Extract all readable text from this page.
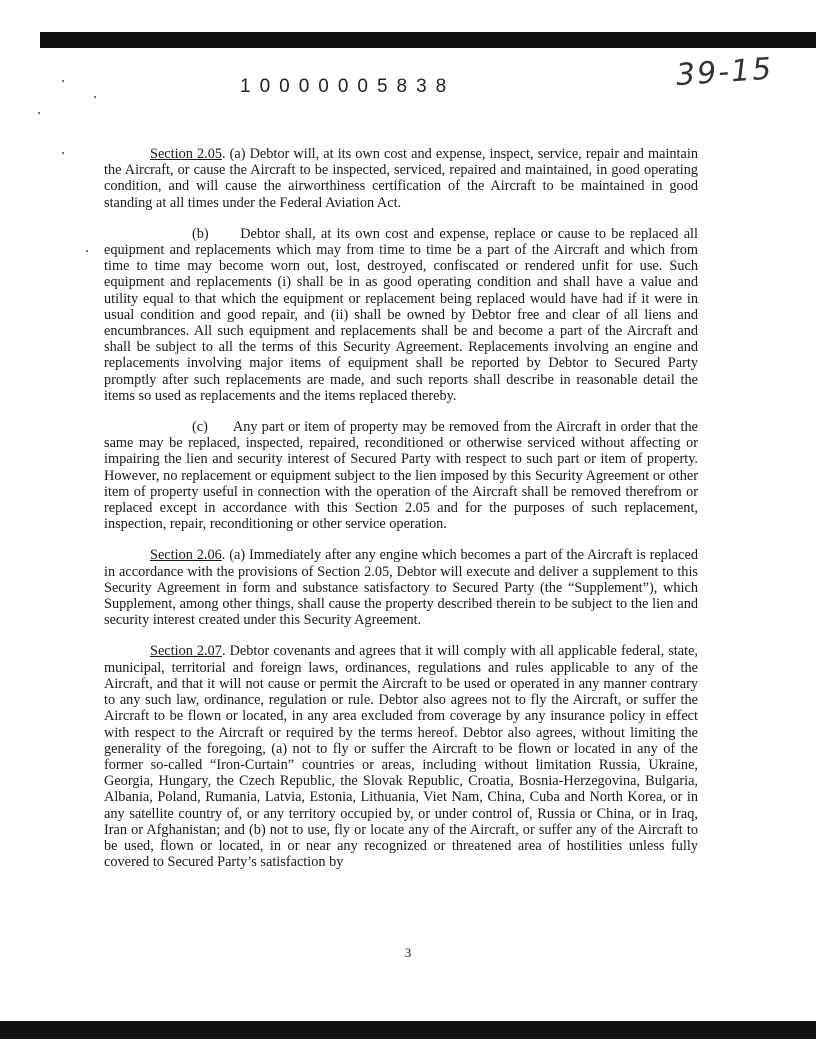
10000005838	39-15

Section 2.05. (a) Debtor will, at its own cost and expense, inspect, service, repair and maintain the Aircraft, or cause the Aircraft to be inspected, serviced, repaired and maintained, in good operating condition, and will cause the airworthiness certification of the Aircraft to be maintained in good standing at all times under the Federal Aviation Act.

(b)      Debtor shall, at its own cost and expense, replace or cause to be replaced all equipment and replacements which may from time to time be a part of the Aircraft and which from time to time may become worn out, lost, destroyed, confiscated or rendered unfit for use. Such equipment and replacements (i) shall be in as good operating condition and shall have a value and utility equal to that which the equipment or replacement being replaced would have had if it were in usual condition and good repair, and (ii) shall be owned by Debtor free and clear of all liens and encumbrances. All such equipment and replacements shall be and become a part of the Aircraft and shall be subject to all the terms of this Security Agreement. Replacements involving an engine and replacements involving major items of equipment shall be reported by Debtor to Secured Party promptly after such replacements are made, and such reports shall describe in reasonable detail the items so used as replacements and the items replaced thereby.

(c)      Any part or item of property may be removed from the Aircraft in order that the same may be replaced, inspected, repaired, reconditioned or otherwise serviced without affecting or impairing the lien and security interest of Secured Party with respect to such part or item of property. However, no replacement or equipment subject to the lien imposed by this Security Agreement or other item of property useful in connection with the operation of the Aircraft shall be removed therefrom or replaced except in accordance with this Section 2.05 and for the purposes of such replacement, inspection, repair, reconditioning or other service operation.

Section 2.06. (a) Immediately after any engine which becomes a part of the Aircraft is replaced in accordance with the provisions of Section 2.05, Debtor will execute and deliver a supplement to this Security Agreement in form and substance satisfactory to Secured Party (the “Supplement”), which Supplement, among other things, shall cause the property described therein to be subject to the lien and security interest created under this Security Agreement.

Section 2.07. Debtor covenants and agrees that it will comply with all applicable federal, state, municipal, territorial and foreign laws, ordinances, regulations and rules applicable to any of the Aircraft, and that it will not cause or permit the Aircraft to be used or operated in any manner contrary to any such law, ordinance, regulation or rule. Debtor also agrees not to fly the Aircraft, or suffer the Aircraft to be flown or located, in any area excluded from coverage by any insurance policy in effect with respect to the Aircraft or required by the terms hereof. Debtor also agrees, without limiting the generality of the foregoing, (a) not to fly or suffer the Aircraft to be flown or located in any of the former so-called “Iron-Curtain” countries or areas, including without limitation Russia, Ukraine, Georgia, Hungary, the Czech Republic, the Slovak Republic, Croatia, Bosnia-Herzegovina, Bulgaria, Albania, Poland, Rumania, Latvia, Estonia, Lithuania, Viet Nam, China, Cuba and North Korea, or in any satellite country of, or any territory occupied by, or under control of, Russia or China, or in Iraq, Iran or Afghanistan; and (b) not to use, fly or locate any of the Aircraft, or suffer any of the Aircraft to be used, flown or located, in or near any recognized or threatened area of hostilities unless fully covered to Secured Party’s satisfaction by

3
